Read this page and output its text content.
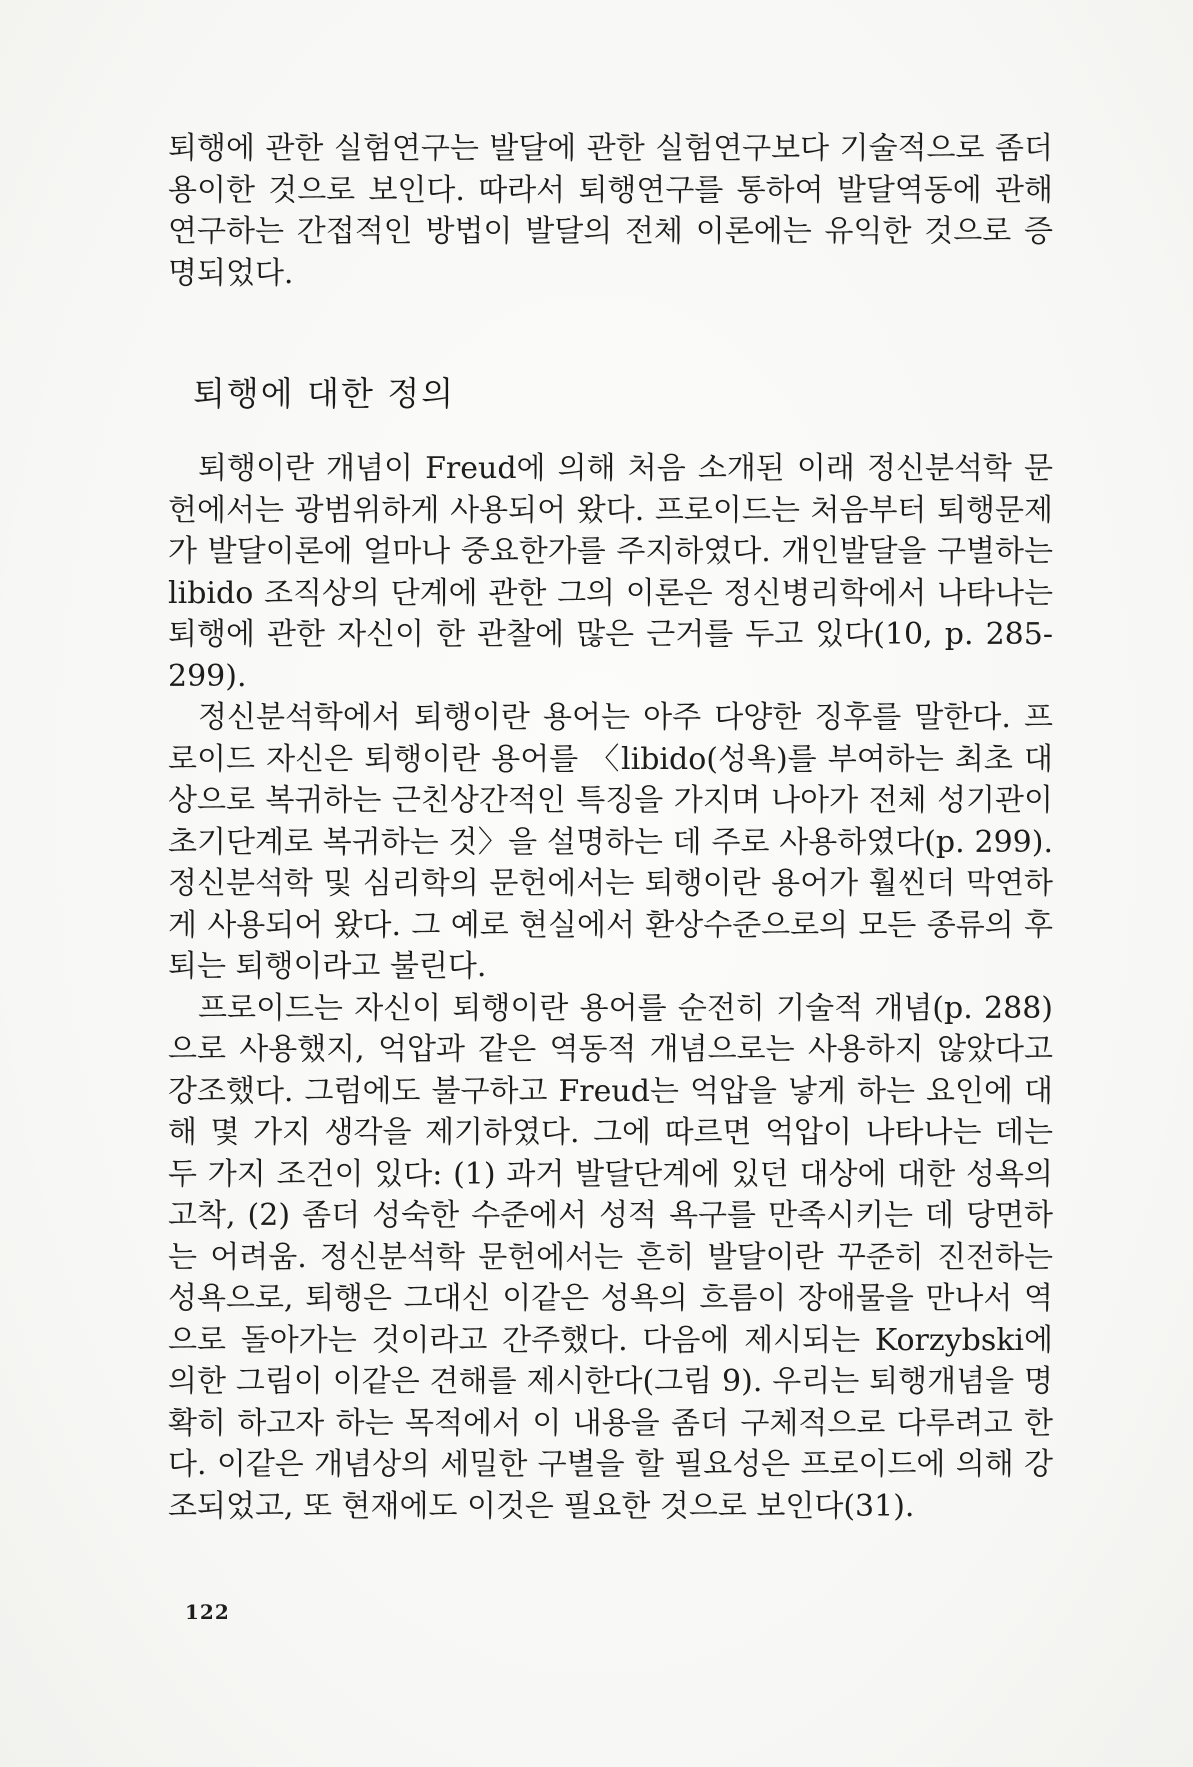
퇴행에 관한 실험연구는 발달에 관한 실험연구보다 기술적으로 좀더 용이한 것으로 보인다. 따라서 퇴행연구를 통하여 발달역동에 관해 연구하는 간접적인 방법이 발달의 전체 이론에는 유익한 것으로 증명되었다.

퇴행에 대한 정의

퇴행이란 개념이 Freud에 의해 처음 소개된 이래 정신분석학 문헌에서는 광범위하게 사용되어 왔다. 프로이드는 처음부터 퇴행문제가 발달이론에 얼마나 중요한가를 주지하였다. 개인발달을 구별하는 libido 조직상의 단계에 관한 그의 이론은 정신병리학에서 나타나는 퇴행에 관한 자신이 한 관찰에 많은 근거를 두고 있다(10, p. 285-299).

정신분석학에서 퇴행이란 용어는 아주 다양한 징후를 말한다. 프로이드 자신은 퇴행이란 용어를 〈libido(성욕)를 부여하는 최초 대상으로 복귀하는 근친상간적인 특징을 가지며 나아가 전체 성기관이 초기단계로 복귀하는 것〉을 설명하는 데 주로 사용하였다(p. 299). 정신분석학 및 심리학의 문헌에서는 퇴행이란 용어가 훨씬더 막연하게 사용되어 왔다. 그 예로 현실에서 환상수준으로의 모든 종류의 후퇴는 퇴행이라고 불린다.

프로이드는 자신이 퇴행이란 용어를 순전히 기술적 개념(p. 288)으로 사용했지, 억압과 같은 역동적 개념으로는 사용하지 않았다고 강조했다. 그럼에도 불구하고 Freud는 억압을 낳게 하는 요인에 대해 몇 가지 생각을 제기하였다. 그에 따르면 억압이 나타나는 데는 두 가지 조건이 있다: (1) 과거 발달단계에 있던 대상에 대한 성욕의 고착, (2) 좀더 성숙한 수준에서 성적 욕구를 만족시키는 데 당면하는 어려움. 정신분석학 문헌에서는 흔히 발달이란 꾸준히 진전하는 성욕으로, 퇴행은 그대신 이같은 성욕의 흐름이 장애물을 만나서 역으로 돌아가는 것이라고 간주했다. 다음에 제시되는 Korzybski에 의한 그림이 이같은 견해를 제시한다(그림 9). 우리는 퇴행개념을 명확히 하고자 하는 목적에서 이 내용을 좀더 구체적으로 다루려고 한다. 이같은 개념상의 세밀한 구별을 할 필요성은 프로이드에 의해 강조되었고, 또 현재에도 이것은 필요한 것으로 보인다(31).

122
